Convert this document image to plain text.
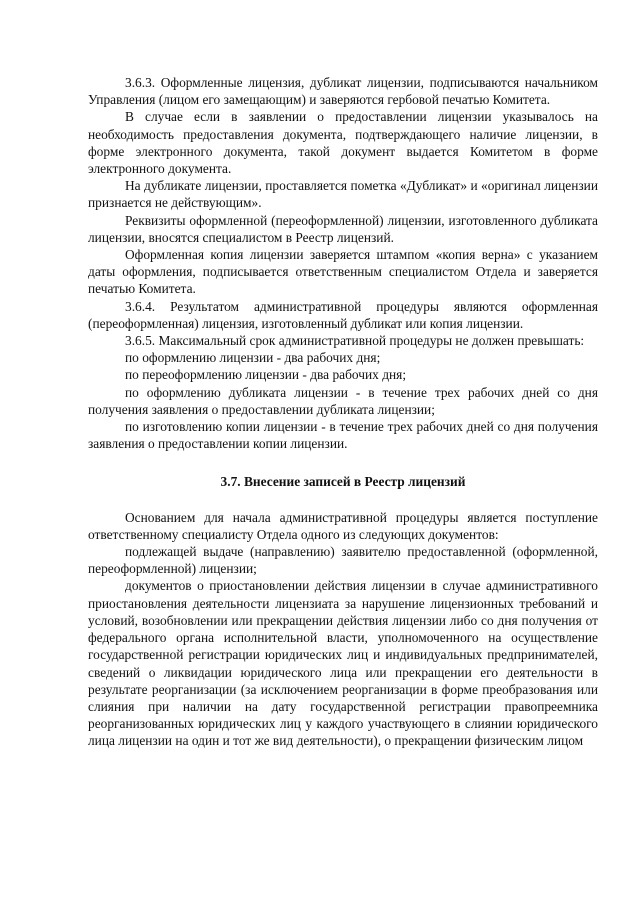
3.6.3. Оформленные лицензия, дубликат лицензии, подписываются начальником Управления (лицом его замещающим) и заверяются гербовой печатью Комитета.

В случае если в заявлении о предоставлении лицензии указывалось на необходимость предоставления документа, подтверждающего наличие лицензии, в форме электронного документа, такой документ выдается Комитетом в форме электронного документа.

На дубликате лицензии, проставляется пометка «Дубликат» и «оригинал лицензии признается не действующим».

Реквизиты оформленной (переоформленной) лицензии, изготовленного дубликата лицензии, вносятся специалистом в Реестр лицензий.

Оформленная копия лицензии заверяется штампом «копия верна» с указанием даты оформления, подписывается ответственным специалистом Отдела и заверяется печатью Комитета.

3.6.4. Результатом административной процедуры являются оформленная (переоформленная) лицензия, изготовленный дубликат или копия лицензии.

3.6.5. Максимальный срок административной процедуры не должен превышать:

по оформлению лицензии - два рабочих дня;

по переоформлению лицензии - два рабочих дня;

по оформлению дубликата лицензии - в течение трех рабочих дней со дня получения заявления о предоставлении дубликата лицензии;

по изготовлению копии лицензии - в течение трех рабочих дней со дня получения заявления о предоставлении копии лицензии.

3.7. Внесение записей в Реестр лицензий

Основанием для начала административной процедуры является поступление ответственному специалисту Отдела одного из следующих документов:

подлежащей выдаче (направлению) заявителю предоставленной (оформленной, переоформленной) лицензии;

документов о приостановлении действия лицензии в случае административного приостановления деятельности лицензиата за нарушение лицензионных требований и условий, возобновлении или прекращении действия лицензии либо со дня получения от федерального органа исполнительной власти, уполномоченного на осуществление государственной регистрации юридических лиц и индивидуальных предпринимателей, сведений о ликвидации юридического лица или прекращении его деятельности в результате реорганизации (за исключением реорганизации в форме преобразования или слияния при наличии на дату государственной регистрации правопреемника реорганизованных юридических лиц у каждого участвующего в слиянии юридического лица лицензии на один и тот же вид деятельности), о прекращении физическим лицом
